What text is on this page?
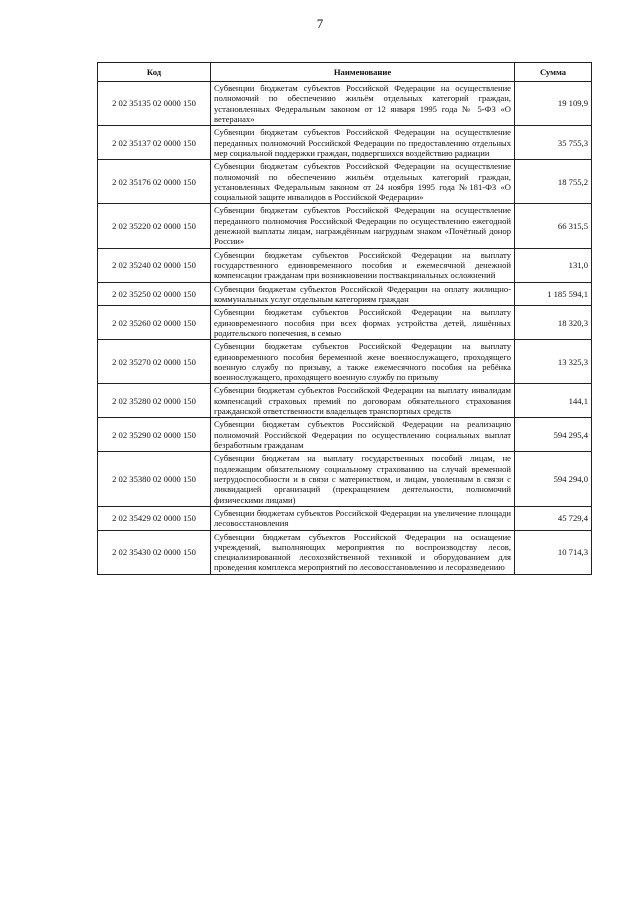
7
Код	Наименование	Сумма
2 02 35135 02 0000 150	Субвенции бюджетам субъектов Российской Федерации на осуществление полномочий по обеспечению жильём отдельных категорий граждан, установленных Федеральным законом от 12 января 1995 года № 5-ФЗ «О ветеранах»	19 109,9
2 02 35137 02 0000 150	Субвенции бюджетам субъектов Российской Федерации на осуществление переданных полномочий Российской Федерации по предоставлению отдельных мер социальной поддержки граждан, подвергшихся воздействию радиации	35 755,3
2 02 35176 02 0000 150	Субвенции бюджетам субъектов Российской Федерации на осуществление полномочий по обеспечению жильём отдельных категорий граждан, установленных Федеральным законом от 24 ноября 1995 года №181-ФЗ «О социальной защите инвалидов в Российской Федерации»	18 755,2
2 02 35220 02 0000 150	Субвенции бюджетам субъектов Российской Федерации на осуществление переданного полномочия Российской Федерации по осуществлению ежегодной денежной выплаты лицам, награждённым нагрудным знаком «Почётный донор России»	66 315,5
2 02 35240 02 0000 150	Субвенции бюджетам субъектов Российской Федерации на выплату государственного единовременного пособия и ежемесячной денежной компенсации гражданам при возникновении поствакцинальных осложнений	131,0
2 02 35250 02 0000 150	Субвенции бюджетам субъектов Российской Федерации на оплату жилищно-коммунальных услуг отдельным категориям граждан	1 185 594,1
2 02 35260 02 0000 150	Субвенции бюджетам субъектов Российской Федерации на выплату единовременного пособия при всех формах устройства детей, лишённых родительского попечения, в семью	18 320,3
2 02 35270 02 0000 150	Субвенции бюджетам субъектов Российской Федерации на выплату единовременного пособия беременной жене военнослужащего, проходящего военную службу по призыву, а также ежемесячного пособия на ребёнка военнослужащего, проходящего военную службу по призыву	13 325,3
2 02 35280 02 0000 150	Субвенции бюджетам субъектов Российской Федерации на выплату инвалидам компенсаций страховых премий по договорам обязательного страхования гражданской ответственности владельцев транспортных средств	144,1
2 02 35290 02 0000 150	Субвенции бюджетам субъектов Российской Федерации на реализацию полномочий Российской Федерации по осуществлению социальных выплат безработным гражданам	594 295,4
2 02 35380 02 0000 150	Субвенции бюджетам на выплату государственных пособий лицам, не подлежащим обязательному социальному страхованию на случай временной нетрудоспособности и в связи с материнством, и лицам, уволенным в связи с ликвидацией организаций (прекращением деятельности, полномочий физическими лицами)	594 294,0
2 02 35429 02 0000 150	Субвенции бюджетам субъектов Российской Федерации на увеличение площади лесовосстановления	45 729,4
2 02 35430 02 0000 150	Субвенции бюджетам субъектов Российской Федерации на оснащение учреждений, выполняющих мероприятия по воспроизводству лесов, специализированной лесохозяйственной техникой и оборудованием для проведения комплекса мероприятий по лесовосстановлению и лесоразведению	10 714,3
